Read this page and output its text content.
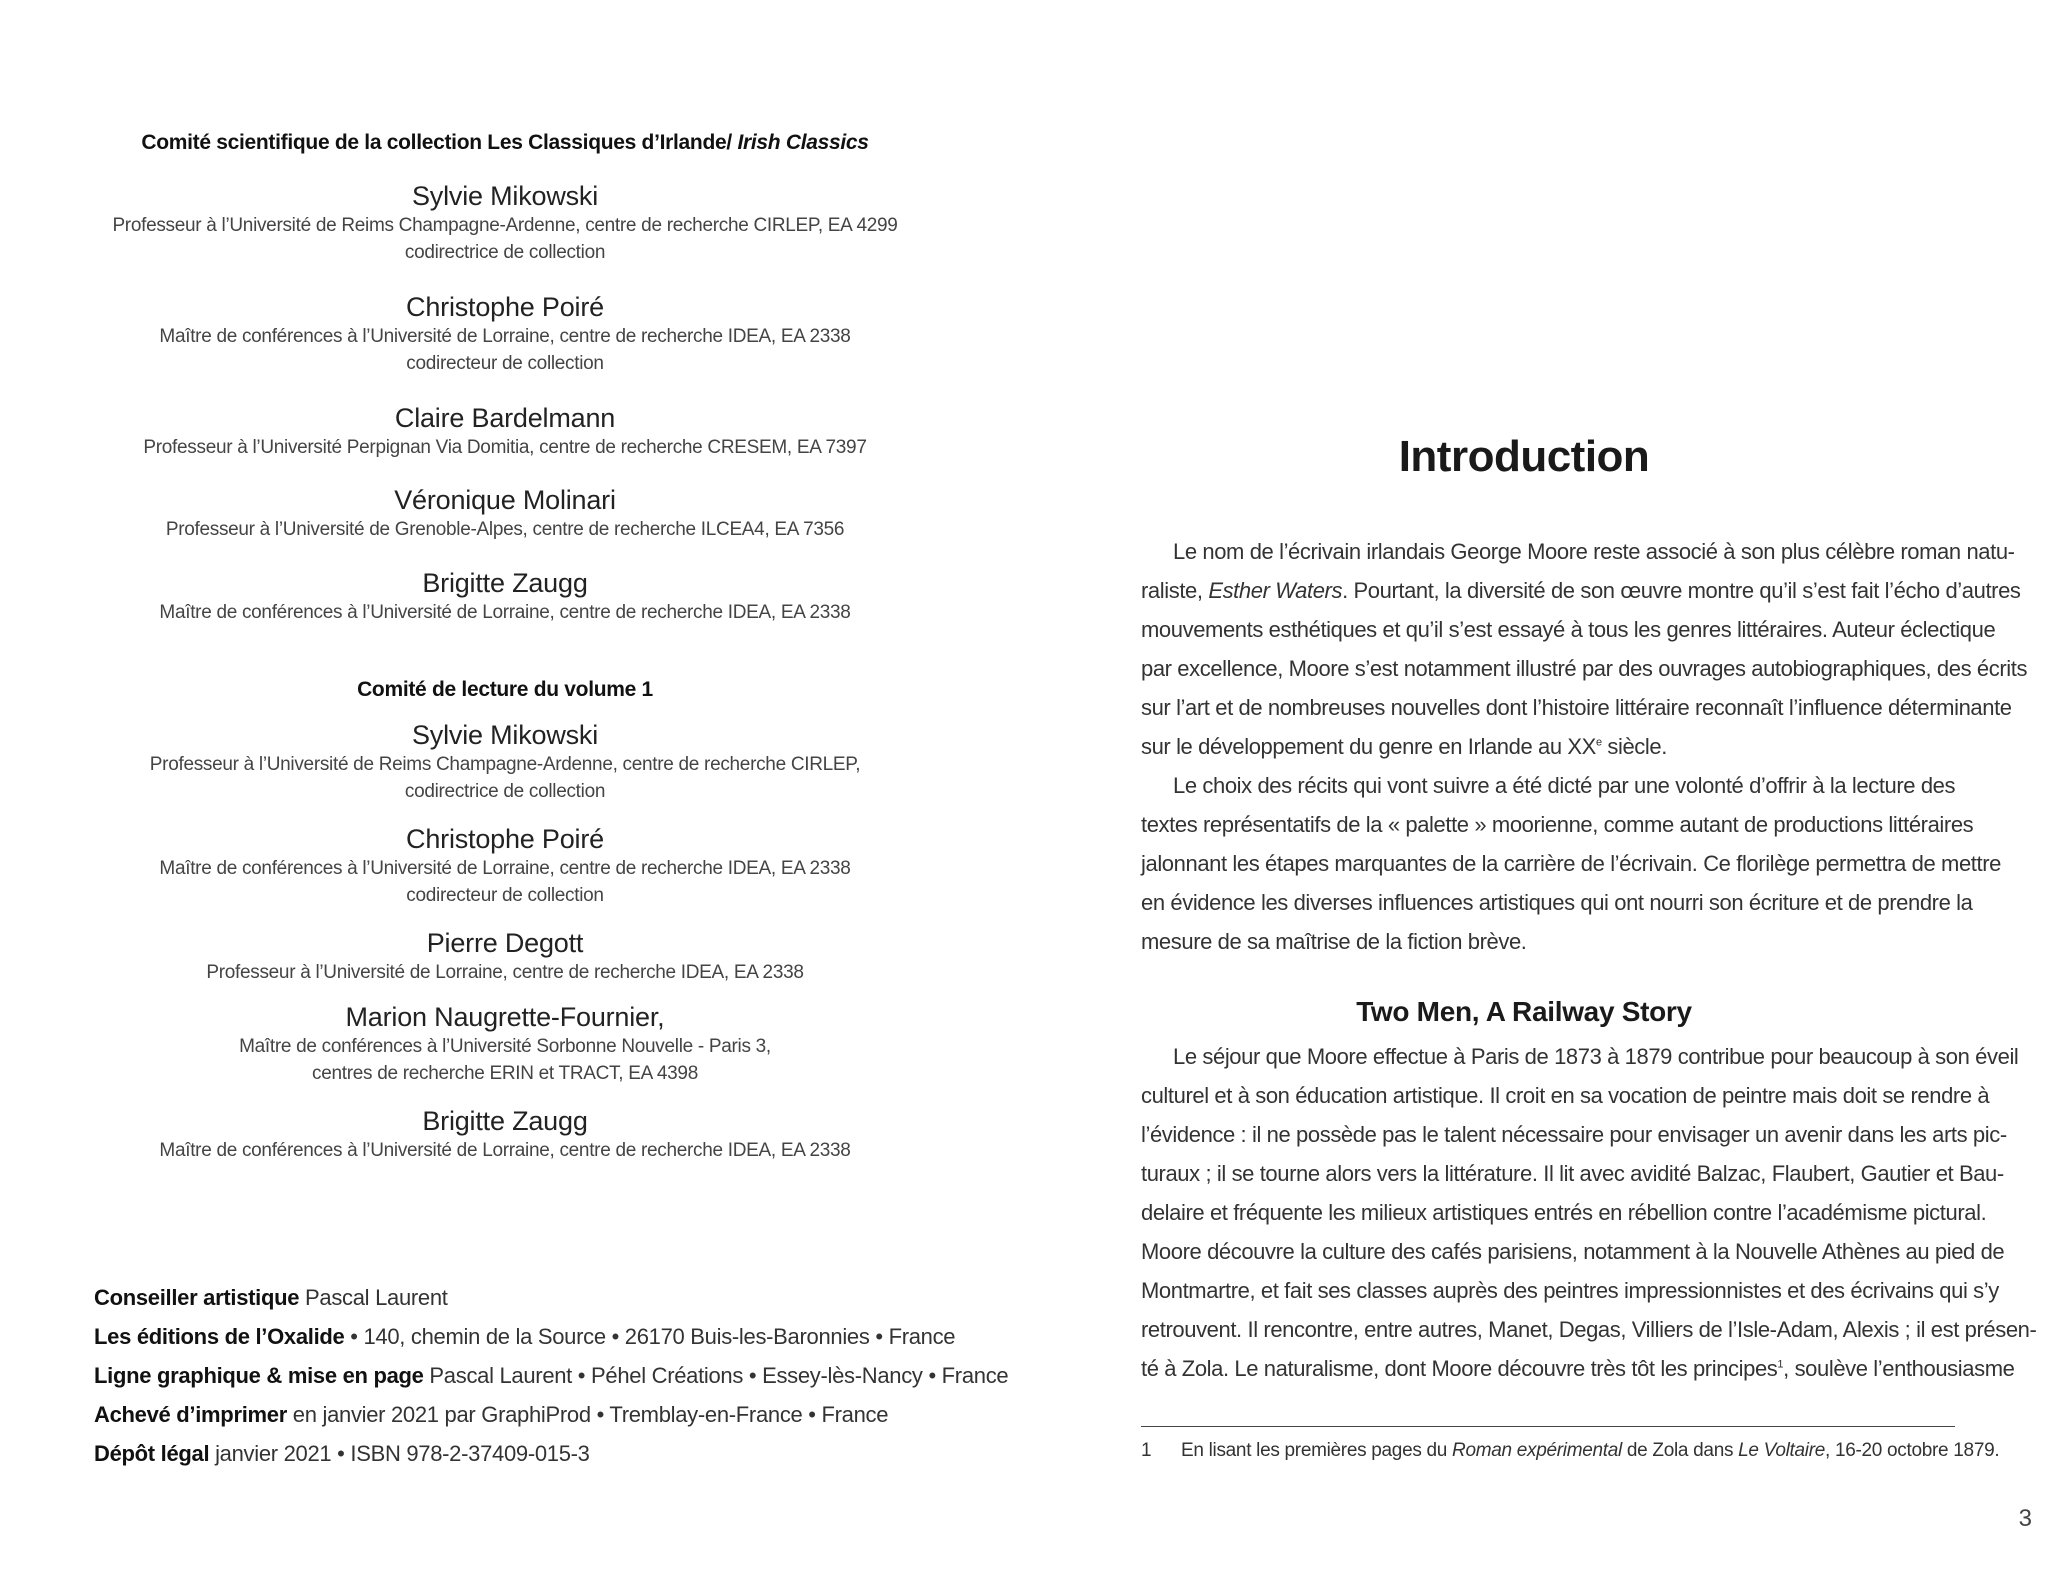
Comité scientifique de la collection Les Classiques d’Irlande/ Irish Classics
Sylvie Mikowski
Professeur à l’Université de Reims Champagne-Ardenne, centre de recherche CIRLEP, EA 4299
codirectrice de collection
Christophe Poiré
Maître de conférences à l’Université de Lorraine, centre de recherche IDEA, EA 2338
codirecteur de collection
Claire Bardelmann
Professeur à l’Université Perpignan Via Domitia, centre de recherche CRESEM, EA 7397
Véronique Molinari
Professeur à l’Université de Grenoble-Alpes, centre de recherche ILCEA4, EA 7356
Brigitte Zaugg
Maître de conférences à l’Université de Lorraine, centre de recherche IDEA, EA 2338
Comité de lecture du volume 1
Sylvie Mikowski
Professeur à l’Université de Reims Champagne-Ardenne, centre de recherche CIRLEP,
codirectrice de collection
Christophe Poiré
Maître de conférences à l’Université de Lorraine, centre de recherche IDEA, EA 2338
codirecteur de collection
Pierre Degott
Professeur à l’Université de Lorraine, centre de recherche IDEA, EA 2338
Marion Naugrette-Fournier,
Maître de conférences à l’Université Sorbonne Nouvelle - Paris 3,
centres de recherche ERIN et TRACT, EA 4398
Brigitte Zaugg
Maître de conférences à l’Université de Lorraine, centre de recherche IDEA, EA 2338
Conseiller artistique Pascal Laurent
Les éditions de l’Oxalide • 140, chemin de la Source • 26170 Buis-les-Baronnies • France
Ligne graphique & mise en page Pascal Laurent • Péhel Créations • Essey-lès-Nancy • France
Achevé d’imprimer en janvier 2021 par GraphiProd • Tremblay-en-France • France
Dépôt légal janvier 2021 • ISBN 978-2-37409-015-3
Introduction
Le nom de l’écrivain irlandais George Moore reste associé à son plus célèbre roman natu-
raliste, Esther Waters. Pourtant, la diversité de son œuvre montre qu’il s’est fait l’écho d’autres
mouvements esthétiques et qu’il s’est essayé à tous les genres littéraires. Auteur éclectique
par excellence, Moore s’est notamment illustré par des ouvrages autobiographiques, des écrits
sur l’art et de nombreuses nouvelles dont l’histoire littéraire reconnaît l’influence déterminante
sur le développement du genre en Irlande au XXe siècle.
Le choix des récits qui vont suivre a été dicté par une volonté d’offrir à la lecture des
textes représentatifs de la « palette » moorienne, comme autant de productions littéraires
jalonnant les étapes marquantes de la carrière de l’écrivain. Ce florilège permettra de mettre
en évidence les diverses influences artistiques qui ont nourri son écriture et de prendre la
mesure de sa maîtrise de la fiction brève.
Two Men, A Railway Story
Le séjour que Moore effectue à Paris de 1873 à 1879 contribue pour beaucoup à son éveil
culturel et à son éducation artistique. Il croit en sa vocation de peintre mais doit se rendre à
l’évidence : il ne possède pas le talent nécessaire pour envisager un avenir dans les arts pic-
turaux ; il se tourne alors vers la littérature. Il lit avec avidité Balzac, Flaubert, Gautier et Bau-
delaire et fréquente les milieux artistiques entrés en rébellion contre l’académisme pictural.
Moore découvre la culture des cafés parisiens, notamment à la Nouvelle Athènes au pied de
Montmartre, et fait ses classes auprès des peintres impressionnistes et des écrivains qui s’y
retrouvent. Il rencontre, entre autres, Manet, Degas, Villiers de l’Isle-Adam, Alexis ; il est présen-
té à Zola. Le naturalisme, dont Moore découvre très tôt les principes$^1$, soulève l’enthousiasme
1 En lisant les premières pages du Roman expérimental de Zola dans Le Voltaire, 16-20 octobre 1879.
3
